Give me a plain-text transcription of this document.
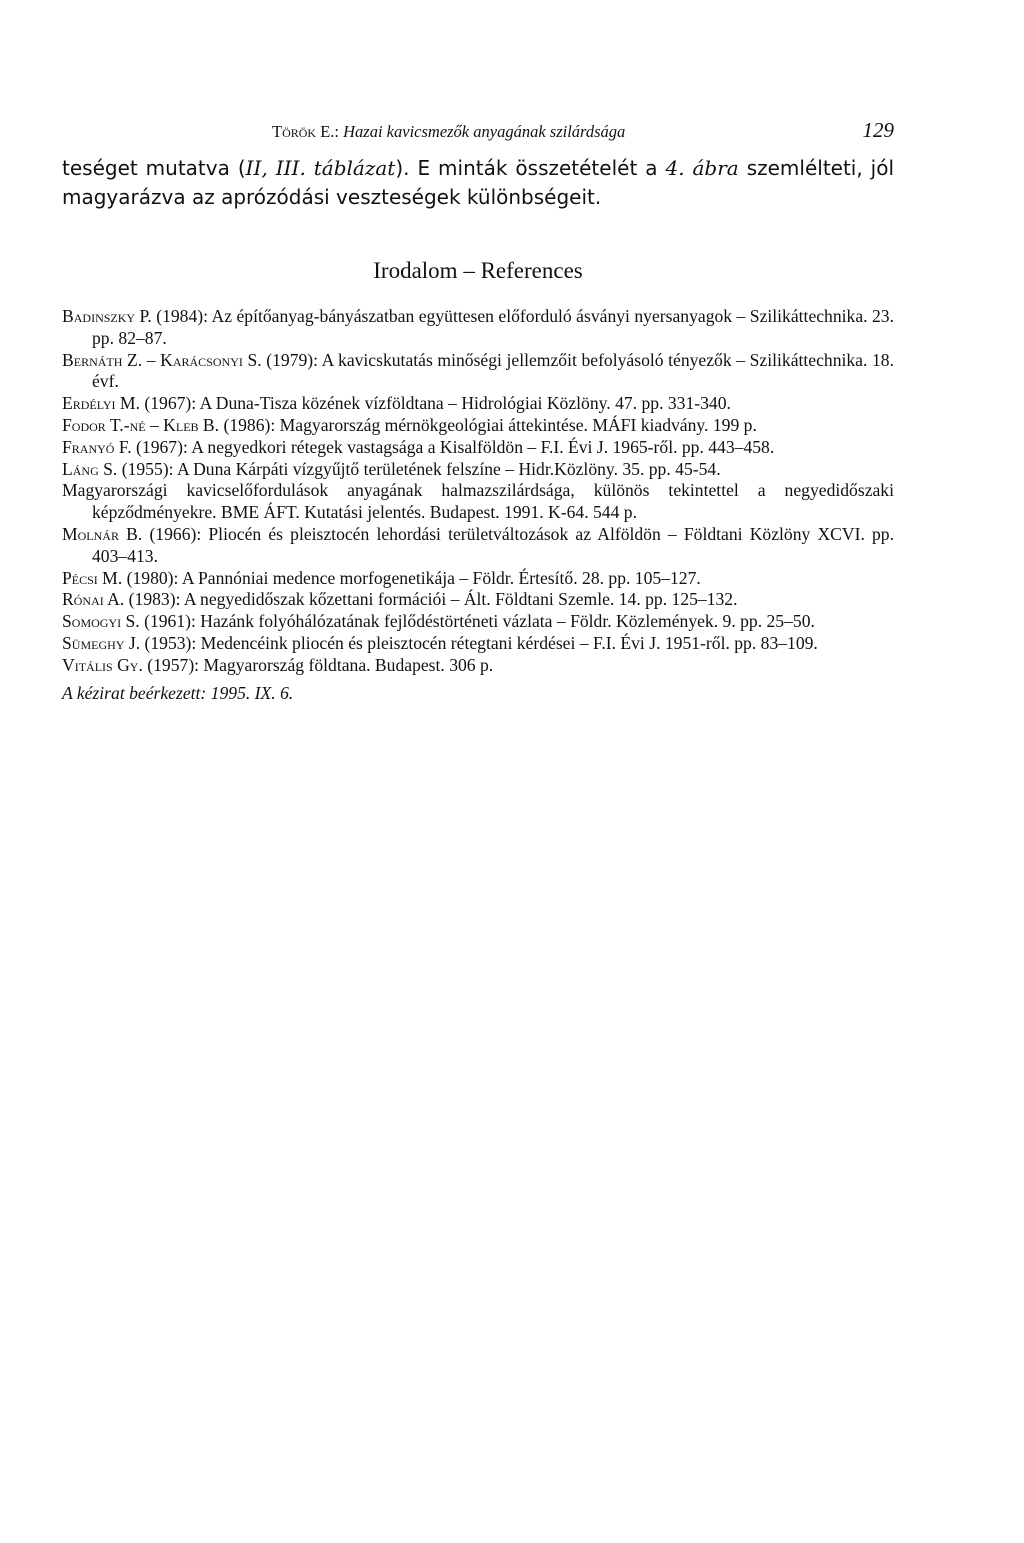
Török E.: Hazai kavicsmezők anyagának szilárdsága	129

teséget mutatva (II, III. táblázat). E minták összetételét a 4. ábra szemlélteti, jól
magyarázva az aprózódási veszteségek különbségeit.

Irodalom – References

Badinszky P. (1984): Az építőanyag-bányászatban együttesen előforduló ásványi nyersanyagok – Szilikáttechnika. 23. pp. 82–87.

Bernáth Z. – Karácsonyi S. (1979): A kavicskutatás minőségi jellemzőit befolyásoló tényezők – Szilikáttechnika. 18. évf.

Erdélyi M. (1967): A Duna-Tisza közének vízföldtana – Hidrológiai Közlöny. 47. pp. 331-340.

Fodor T.-né – Kleb B. (1986): Magyarország mérnökgeológiai áttekintése. MÁFI kiadvány. 199 p.

Franyó F. (1967): A negyedkori rétegek vastagsága a Kisalföldön – F.I. Évi J. 1965-ről. pp. 443–458.

Láng S. (1955): A Duna Kárpáti vízgyűjtő területének felszíne – Hidr.Közlöny. 35. pp. 45-54.

Magyarországi kavicselőfordulások anyagának halmazszilárdsága, különös tekintettel a negyedidőszaki képződményekre. BME ÁFT. Kutatási jelentés. Budapest. 1991. K-64. 544 p.

Molnár B. (1966): Pliocén és pleisztocén lehordási területváltozások az Alföldön – Földtani Közlöny XCVI. pp. 403–413.

Pécsi M. (1980): A Pannóniai medence morfogenetikája – Földr. Értesítő. 28. pp. 105–127.

Rónai A. (1983): A negyedidőszak kőzettani formációi – Ált. Földtani Szemle. 14. pp. 125–132.

Somogyi S. (1961): Hazánk folyóhálózatának fejlődéstörténeti vázlata – Földr. Közlemények. 9. pp. 25–50.

Sümeghy J. (1953): Medencéink pliocén és pleisztocén rétegtani kérdései – F.I. Évi J. 1951-ről. pp. 83–109.

Vitális Gy. (1957): Magyarország földtana. Budapest. 306 p.

A kézirat beérkezett: 1995. IX. 6.
